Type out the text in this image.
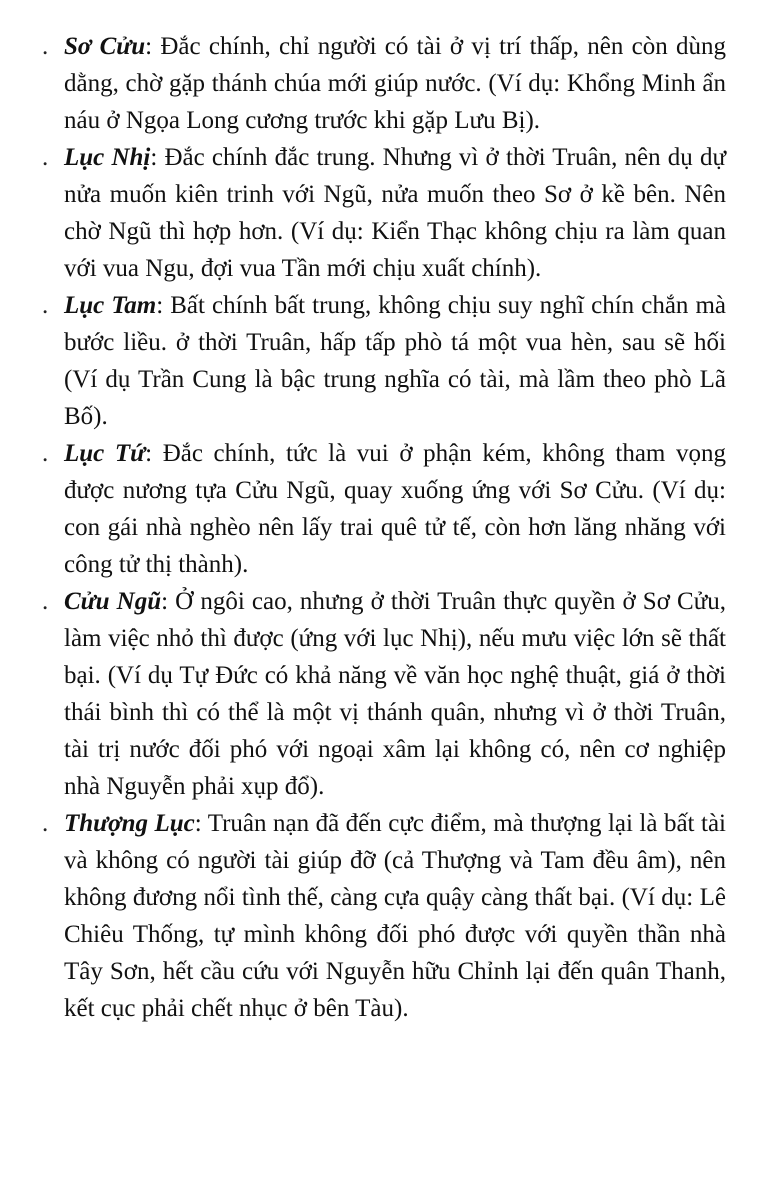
. Sơ Cửu: Đắc chính, chỉ người có tài ở vị trí thấp, nên còn dùng dằng, chờ gặp thánh chúa mới giúp nước. (Ví dụ: Khổng Minh ẩn náu ở Ngọa Long cương trước khi gặp Lưu Bị).

. Lục Nhị: Đắc chính đắc trung. Nhưng vì ở thời Truân, nên dụ dự nửa muốn kiên trinh với Ngũ, nửa muốn theo Sơ ở kề bên. Nên chờ Ngũ thì hợp hơn. (Ví dụ: Kiển Thạc không chịu ra làm quan với vua Ngu, đợi vua Tần mới chịu xuất chính).

. Lục Tam: Bất chính bất trung, không chịu suy nghĩ chín chắn mà bước liều. ở thời Truân, hấp tấp phò tá một vua hèn, sau sẽ hối (Ví dụ Trần Cung là bậc trung nghĩa có tài, mà lầm theo phò Lã Bố).

. Lục Tứ: Đắc chính, tức là vui ở phận kém, không tham vọng được nương tựa Cửu Ngũ, quay xuống ứng với Sơ Cửu. (Ví dụ: con gái nhà nghèo nên lấy trai quê tử tế, còn hơn lăng nhăng với công tử thị thành).

. Cửu Ngũ: Ở ngôi cao, nhưng ở thời Truân thực quyền ở Sơ Cửu, làm việc nhỏ thì được (ứng với lục Nhị), nếu mưu việc lớn sẽ thất bại. (Ví dụ Tự Đức có khả năng về văn học nghệ thuật, giá ở thời thái bình thì có thể là một vị thánh quân, nhưng vì ở thời Truân, tài trị nước đối phó với ngoại xâm lại không có, nên cơ nghiệp nhà Nguyễn phải xụp đổ).

. Thượng Lục: Truân nạn đã đến cực điểm, mà thượng lại là bất tài và không có người tài giúp đỡ (cả Thượng và Tam đều âm), nên không đương nổi tình thế, càng cựa quậy càng thất bại. (Ví dụ: Lê Chiêu Thống, tự mình không đối phó được với quyền thần nhà Tây Sơn, hết cầu cứu với Nguyễn hữu Chỉnh lại đến quân Thanh, kết cục phải chết nhục ở bên Tàu).
